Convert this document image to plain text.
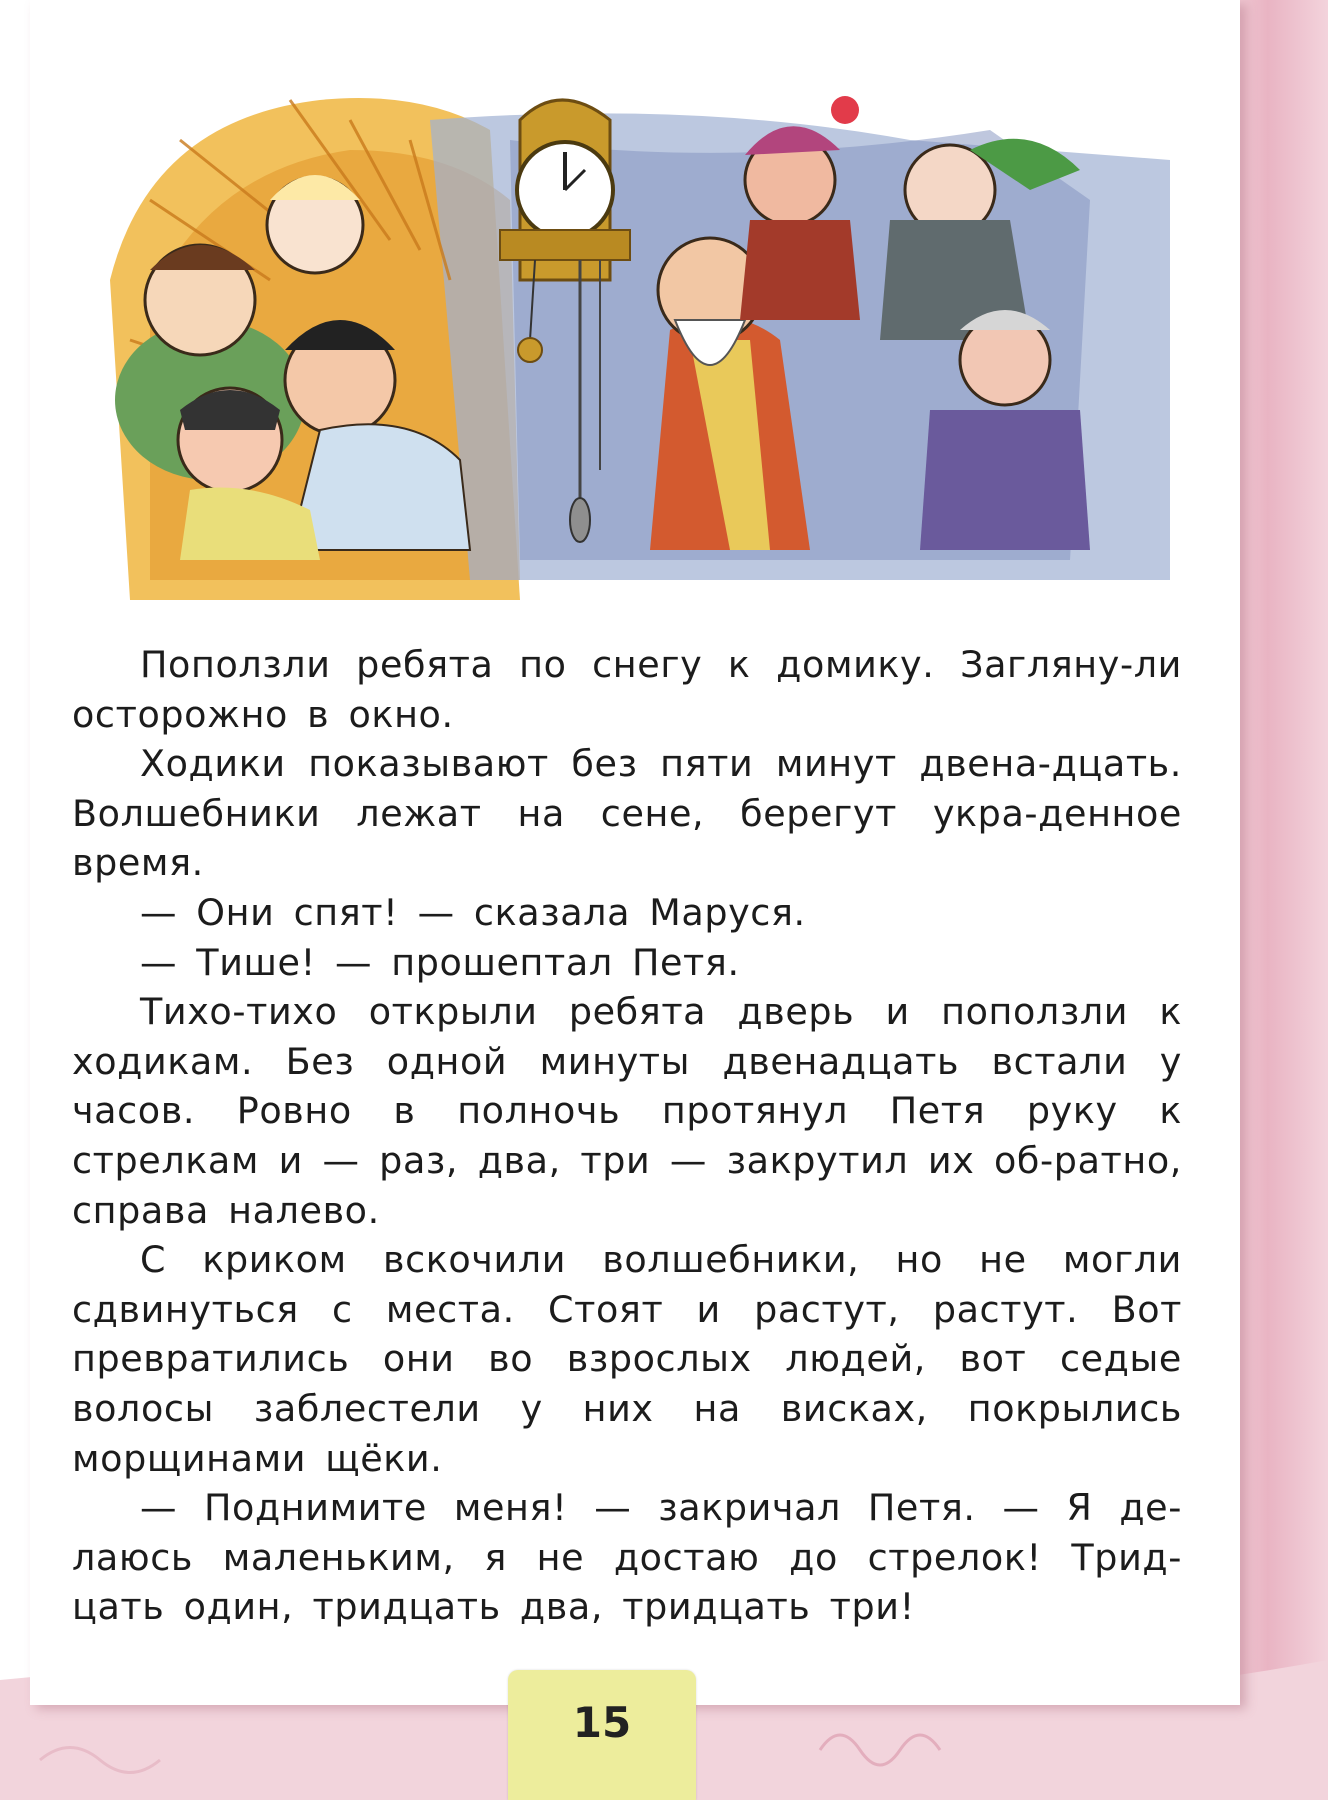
Поползли ребята по снегу к домику. Загляну-ли осторожно в окно.

Ходики показывают без пяти минут двена-дцать. Волшебники лежат на сене, берегут укра-денное время.

— Они спят! — сказала Маруся.

— Тише! — прошептал Петя.

Тихо-тихо открыли ребята дверь и поползли к ходикам. Без одной минуты двенадцать встали у часов. Ровно в полночь протянул Петя руку к стрелкам и — раз, два, три — закрутил их об-ратно, справа налево.

С криком вскочили волшебники, но не могли сдвинуться с места. Стоят и растут, растут. Вот превратились они во взрослых людей, вот седые волосы заблестели у них на висках, покрылись морщинами щёки.

— Поднимите меня! — закричал Петя. — Я де-лаюсь маленьким, я не достаю до стрелок! Трид-цать один, тридцать два, тридцать три!

15
